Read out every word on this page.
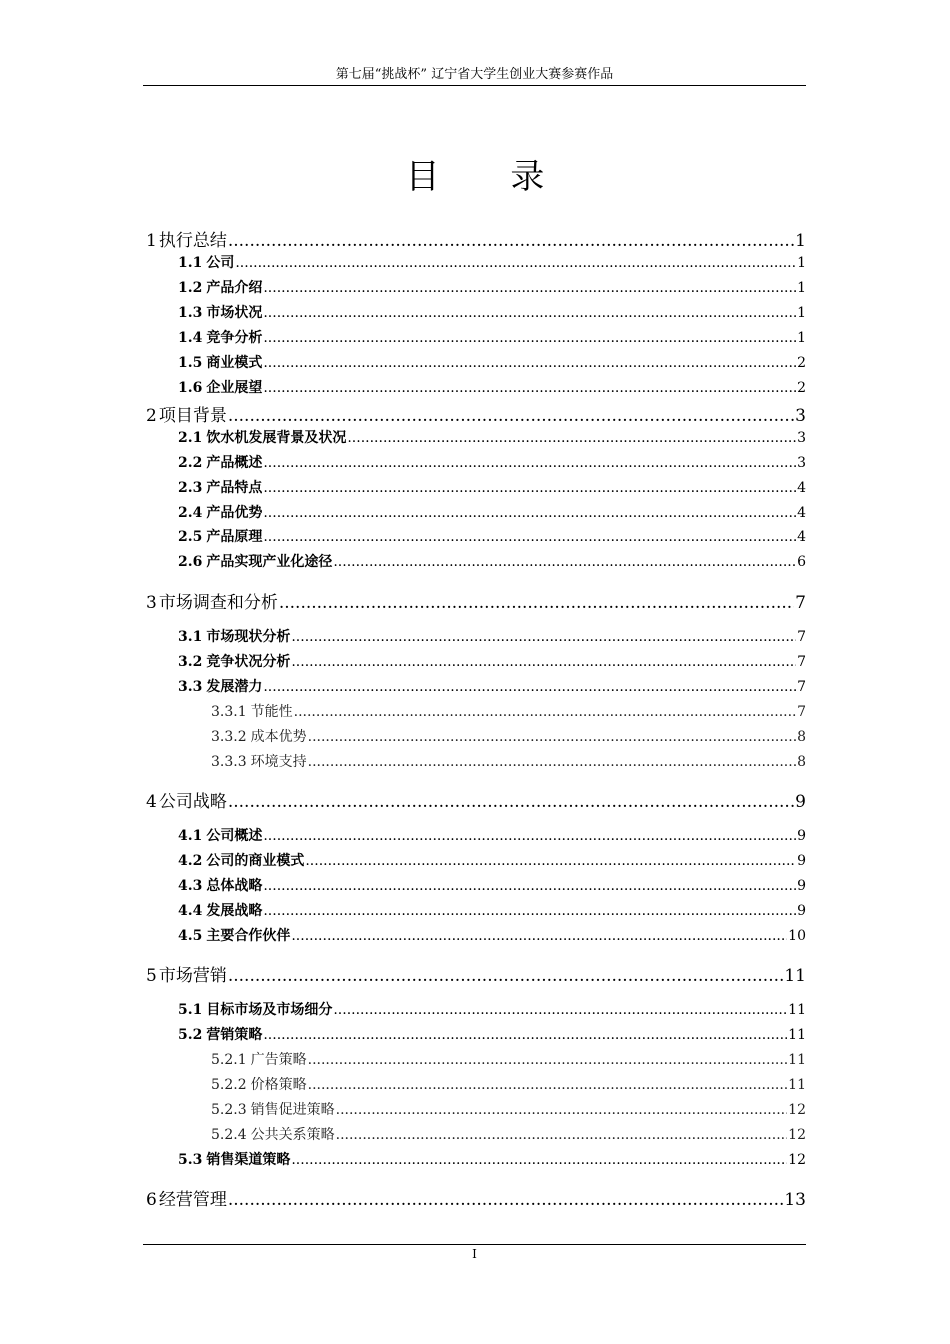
第七届“挑战杯” 辽宁省大学生创业大赛参赛作品
目 录
1 执行总结 .....	1
1.1 公司 .....	1
1.2 产品介绍 .....	1
1.3 市场状况 .....	1
1.4 竞争分析 .....	1
1.5 商业模式 .....	2
1.6 企业展望 .....	2
2 项目背景 .....	3
2.1 饮水机发展背景及状况 .....	3
2.2 产品概述 .....	3
2.3 产品特点 .....	4
2.4 产品优势 .....	4
2.5 产品原理 .....	4
2.6 产品实现产业化途径 .....	6
3 市场调查和分析 .....	7
3.1 市场现状分析 .....	7
3.2 竞争状况分析 .....	7
3.3 发展潜力 .....	7
3.3.1 节能性 .....	7
3.3.2 成本优势 .....	8
3.3.3 环境支持 .....	8
4 公司战略 .....	9
4.1 公司概述 .....	9
4.2 公司的商业模式 .....	9
4.3 总体战略 .....	9
4.4 发展战略 .....	9
4.5 主要合作伙伴 .....	10
5 市场营销 .....	11
5.1 目标市场及市场细分 .....	11
5.2 营销策略 .....	11
5.2.1 广告策略 .....	11
5.2.2 价格策略 .....	11
5.2.3 销售促进策略 .....	12
5.2.4 公共关系策略 .....	12
5.3 销售渠道策略 .....	12
6 经营管理 .....	13
I
